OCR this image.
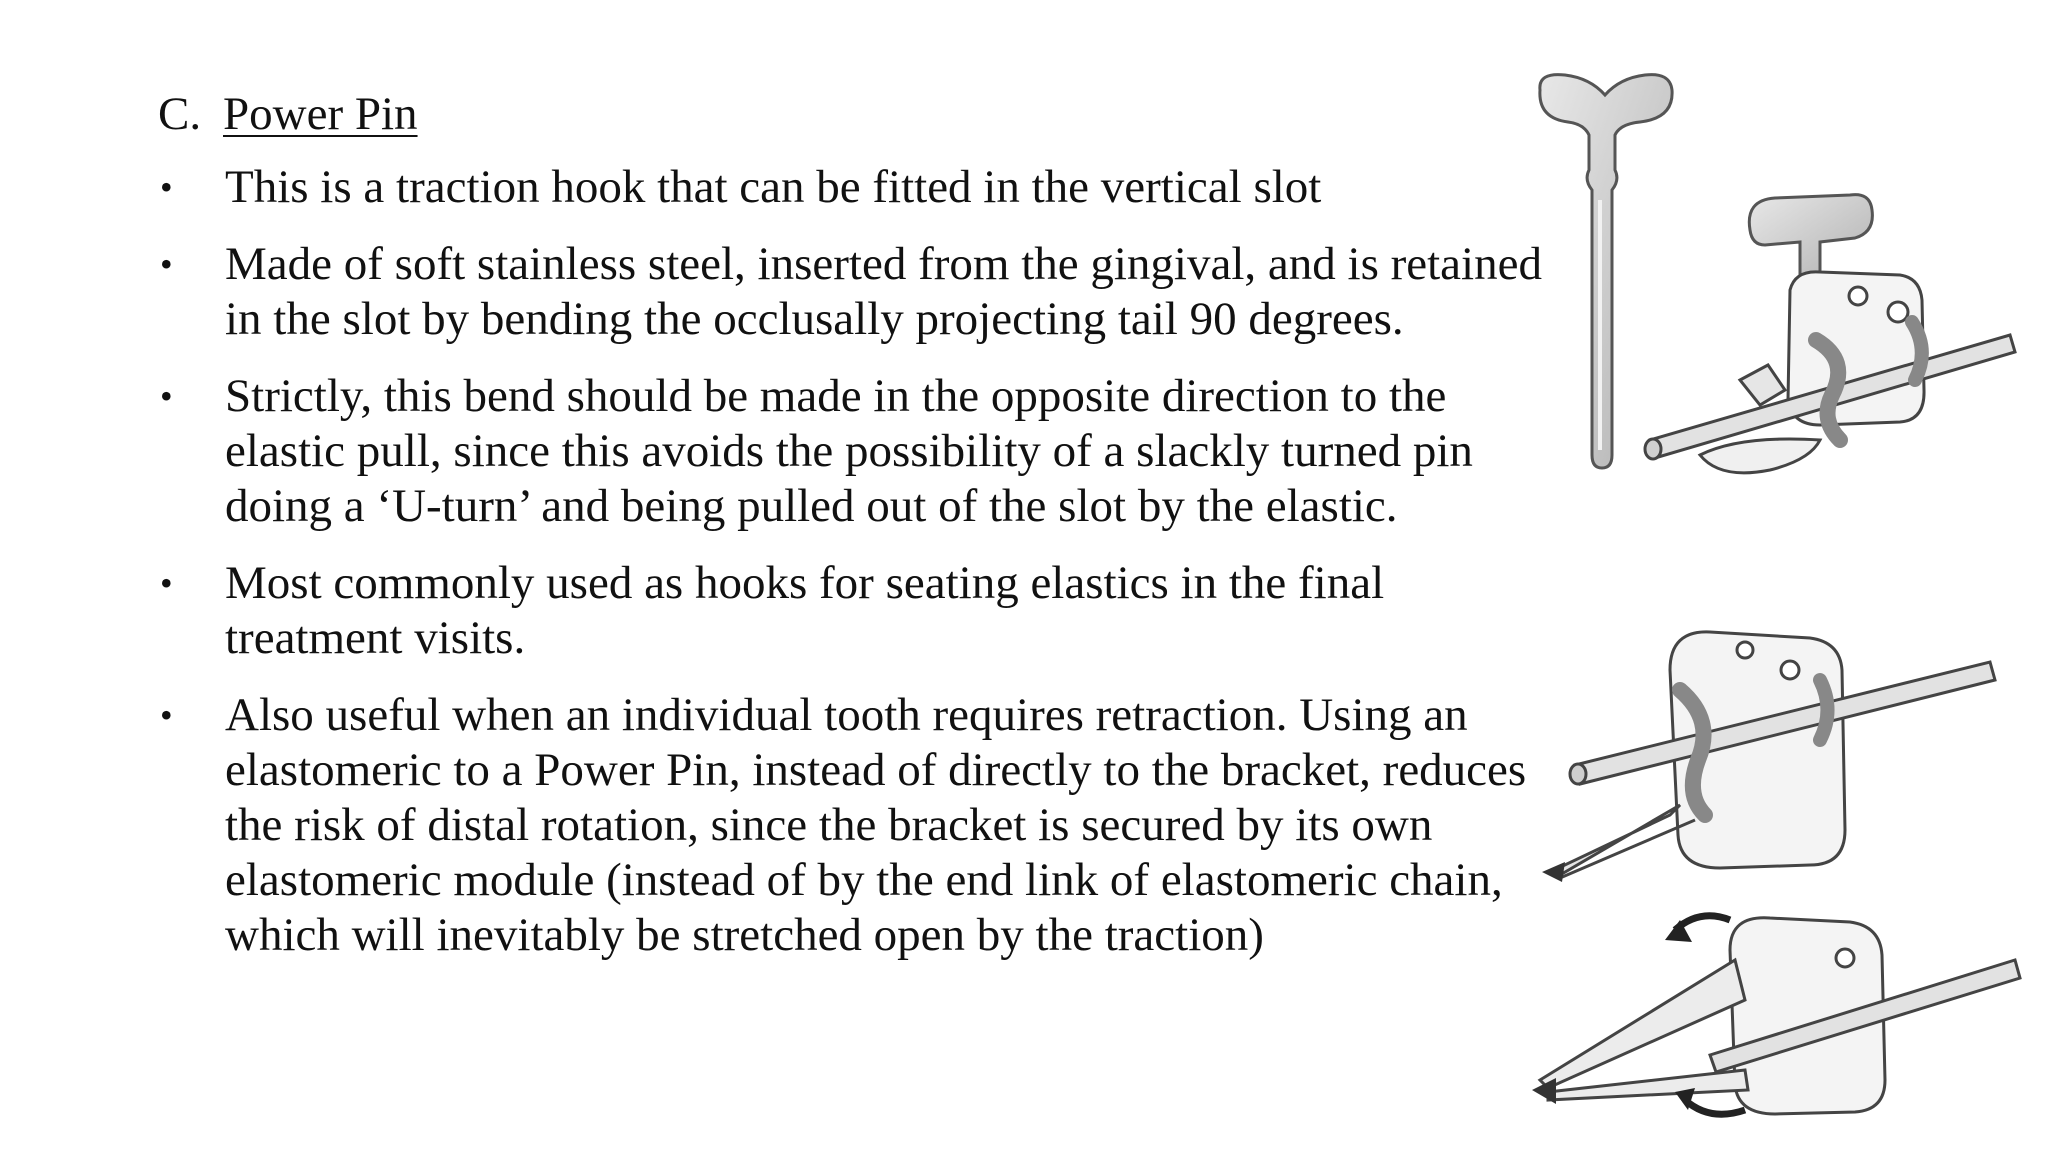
C. Power Pin
•	This is a traction hook that can be fitted in the vertical slot
•	Made of soft stainless steel, inserted from the gingival, and is retained in the slot by bending the occlusally projecting tail 90 degrees.
•	Strictly, this bend should be made in the opposite direction to the elastic pull, since this avoids the possibility of a slackly turned pin doing a ‘U-turn’ and being pulled out of the slot by the elastic.
•	Most commonly used as hooks for seating elastics in the final treatment visits.
•	Also useful when an individual tooth requires retraction. Using an elastomeric to a Power Pin, instead of directly to the bracket, reduces the risk of distal rotation, since the bracket is secured by its own elastomeric module (instead of by the end link of elastomeric chain, which will inevitably be stretched open by the traction)
